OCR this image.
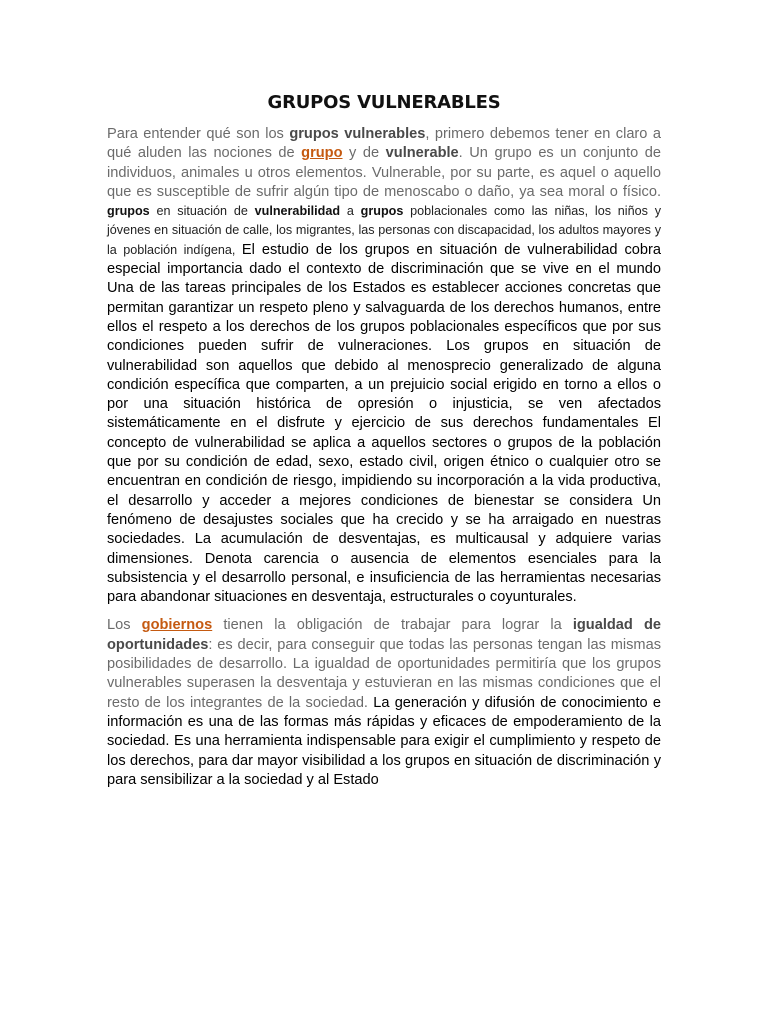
GRUPOS VULNERABLES

Para entender qué son los grupos vulnerables, primero debemos tener en claro a qué aluden las nociones de grupo y de vulnerable. Un grupo es un conjunto de individuos, animales u otros elementos. Vulnerable, por su parte, es aquel o aquello que es susceptible de sufrir algún tipo de menoscabo o daño, ya sea moral o físico. grupos en situación de vulnerabilidad a grupos poblacionales como las niñas, los niños y jóvenes en situación de calle, los migrantes, las personas con discapacidad, los adultos mayores y la población indígena, El estudio de los grupos en situación de vulnerabilidad cobra especial importancia dado el contexto de discriminación que se vive en el mundo Una de las tareas principales de los Estados es establecer acciones concretas que permitan garantizar un respeto pleno y salvaguarda de los derechos humanos, entre ellos el respeto a los derechos de los grupos poblacionales específicos que por sus condiciones pueden sufrir de vulneraciones. Los grupos en situación de vulnerabilidad son aquellos que debido al menosprecio generalizado de alguna condición específica que comparten, a un prejuicio social erigido en torno a ellos o por una situación histórica de opresión o injusticia, se ven afectados sistemáticamente en el disfrute y ejercicio de sus derechos fundamentales El concepto de vulnerabilidad se aplica a aquellos sectores o grupos de la población que por su condición de edad, sexo, estado civil, origen étnico o cualquier otro se encuentran en condición de riesgo, impidiendo su incorporación a la vida productiva, el desarrollo y acceder a mejores condiciones de bienestar se considera Un fenómeno de desajustes sociales que ha crecido y se ha arraigado en nuestras sociedades. La acumulación de desventajas, es multicausal y adquiere varias dimensiones. Denota carencia o ausencia de elementos esenciales para la subsistencia y el desarrollo personal, e insuficiencia de las herramientas necesarias para abandonar situaciones en desventaja, estructurales o coyunturales.

Los gobiernos tienen la obligación de trabajar para lograr la igualdad de oportunidades: es decir, para conseguir que todas las personas tengan las mismas posibilidades de desarrollo. La igualdad de oportunidades permitiría que los grupos vulnerables superasen la desventaja y estuvieran en las mismas condiciones que el resto de los integrantes de la sociedad. La generación y difusión de conocimiento e información es una de las formas más rápidas y eficaces de empoderamiento de la sociedad. Es una herramienta indispensable para exigir el cumplimiento y respeto de los derechos, para dar mayor visibilidad a los grupos en situación de discriminación y para sensibilizar a la sociedad y al Estado
